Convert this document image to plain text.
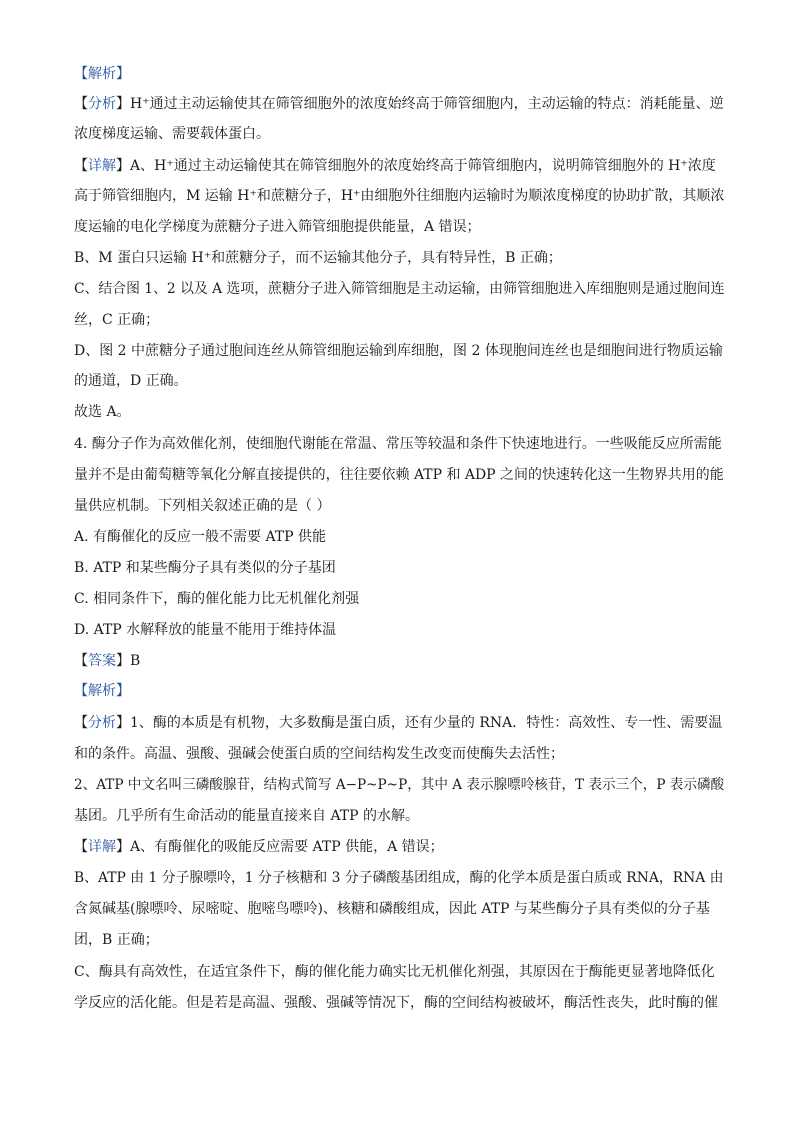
【解析】
【分析】H⁺通过主动运输使其在筛管细胞外的浓度始终高于筛管细胞内，主动运输的特点：消耗能量、逆
浓度梯度运输、需要载体蛋白。
【详解】A、H⁺通过主动运输使其在筛管细胞外的浓度始终高于筛管细胞内，说明筛管细胞外的 H⁺浓度
高于筛管细胞内，M 运输 H⁺和蔗糖分子，H⁺由细胞外往细胞内运输时为顺浓度梯度的协助扩散，其顺浓
度运输的电化学梯度为蔗糖分子进入筛管细胞提供能量，A 错误；
B、M 蛋白只运输 H⁺和蔗糖分子，而不运输其他分子，具有特异性，B 正确；
C、结合图 1、2 以及 A 选项，蔗糖分子进入筛管细胞是主动运输，由筛管细胞进入库细胞则是通过胞间连
丝，C 正确；
D、图 2 中蔗糖分子通过胞间连丝从筛管细胞运输到库细胞，图 2 体现胞间连丝也是细胞间进行物质运输
的通道，D 正确。
故选 A。
4. 酶分子作为高效催化剂，使细胞代谢能在常温、常压等较温和条件下快速地进行。一些吸能反应所需能
量并不是由葡萄糖等氧化分解直接提供的，往往要依赖 ATP 和 ADP 之间的快速转化这一生物界共用的能
量供应机制。下列相关叙述正确的是（ ）
A. 有酶催化的反应一般不需要 ATP 供能
B. ATP 和某些酶分子具有类似的分子基团
C. 相同条件下，酶的催化能力比无机催化剂强
D. ATP 水解释放的能量不能用于维持体温
【答案】B
【解析】
【分析】1、酶的本质是有机物，大多数酶是蛋白质，还有少量的 RNA．特性：高效性、专一性、需要温
和的条件。高温、强酸、强碱会使蛋白质的空间结构发生改变而使酶失去活性；
2、ATP 中文名叫三磷酸腺苷，结构式简写 A−P~P~P，其中 A 表示腺嘌呤核苷，T 表示三个，P 表示磷酸
基团。几乎所有生命活动的能量直接来自 ATP 的水解。
【详解】A、有酶催化的吸能反应需要 ATP 供能，A 错误；
B、ATP 由 1 分子腺嘌呤，1 分子核糖和 3 分子磷酸基团组成，酶的化学本质是蛋白质或 RNA，RNA 由
含氮碱基(腺嘌呤、尿嘧啶、胞嘧鸟嘌呤)、核糖和磷酸组成，因此 ATP 与某些酶分子具有类似的分子基
团，B 正确；
C、酶具有高效性，在适宜条件下，酶的催化能力确实比无机催化剂强，其原因在于酶能更显著地降低化
学反应的活化能。但是若是高温、强酸、强碱等情况下，酶的空间结构被破坏，酶活性丧失，此时酶的催
